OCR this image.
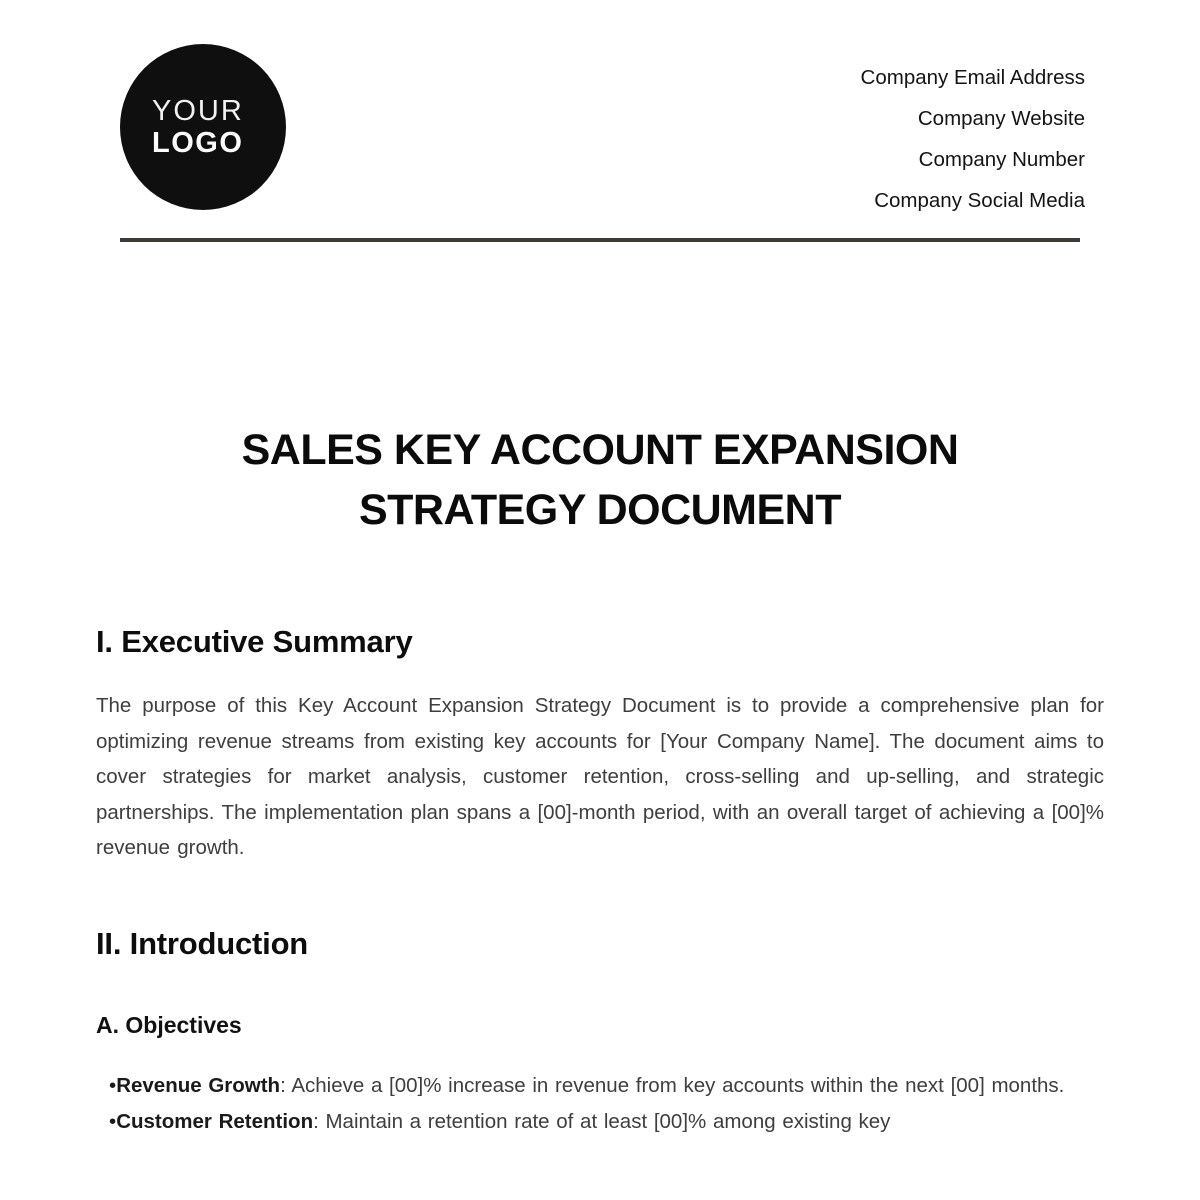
YOUR
LOGO
Company Email Address
Company Website
Company Number
Company Social Media
SALES KEY ACCOUNT EXPANSION STRATEGY DOCUMENT
I. Executive Summary

The purpose of this Key Account Expansion Strategy Document is to provide a comprehensive plan for optimizing revenue streams from existing key accounts for [Your Company Name]. The document aims to cover strategies for market analysis, customer retention, cross-selling and up-selling, and strategic partnerships. The implementation plan spans a [00]-month period, with an overall target of achieving a [00]% revenue growth.

II. Introduction
A. Objectives
•Revenue Growth: Achieve a [00]% increase in revenue from key accounts within the next [00] months.
•Customer Retention: Maintain a retention rate of at least [00]% among existing key
